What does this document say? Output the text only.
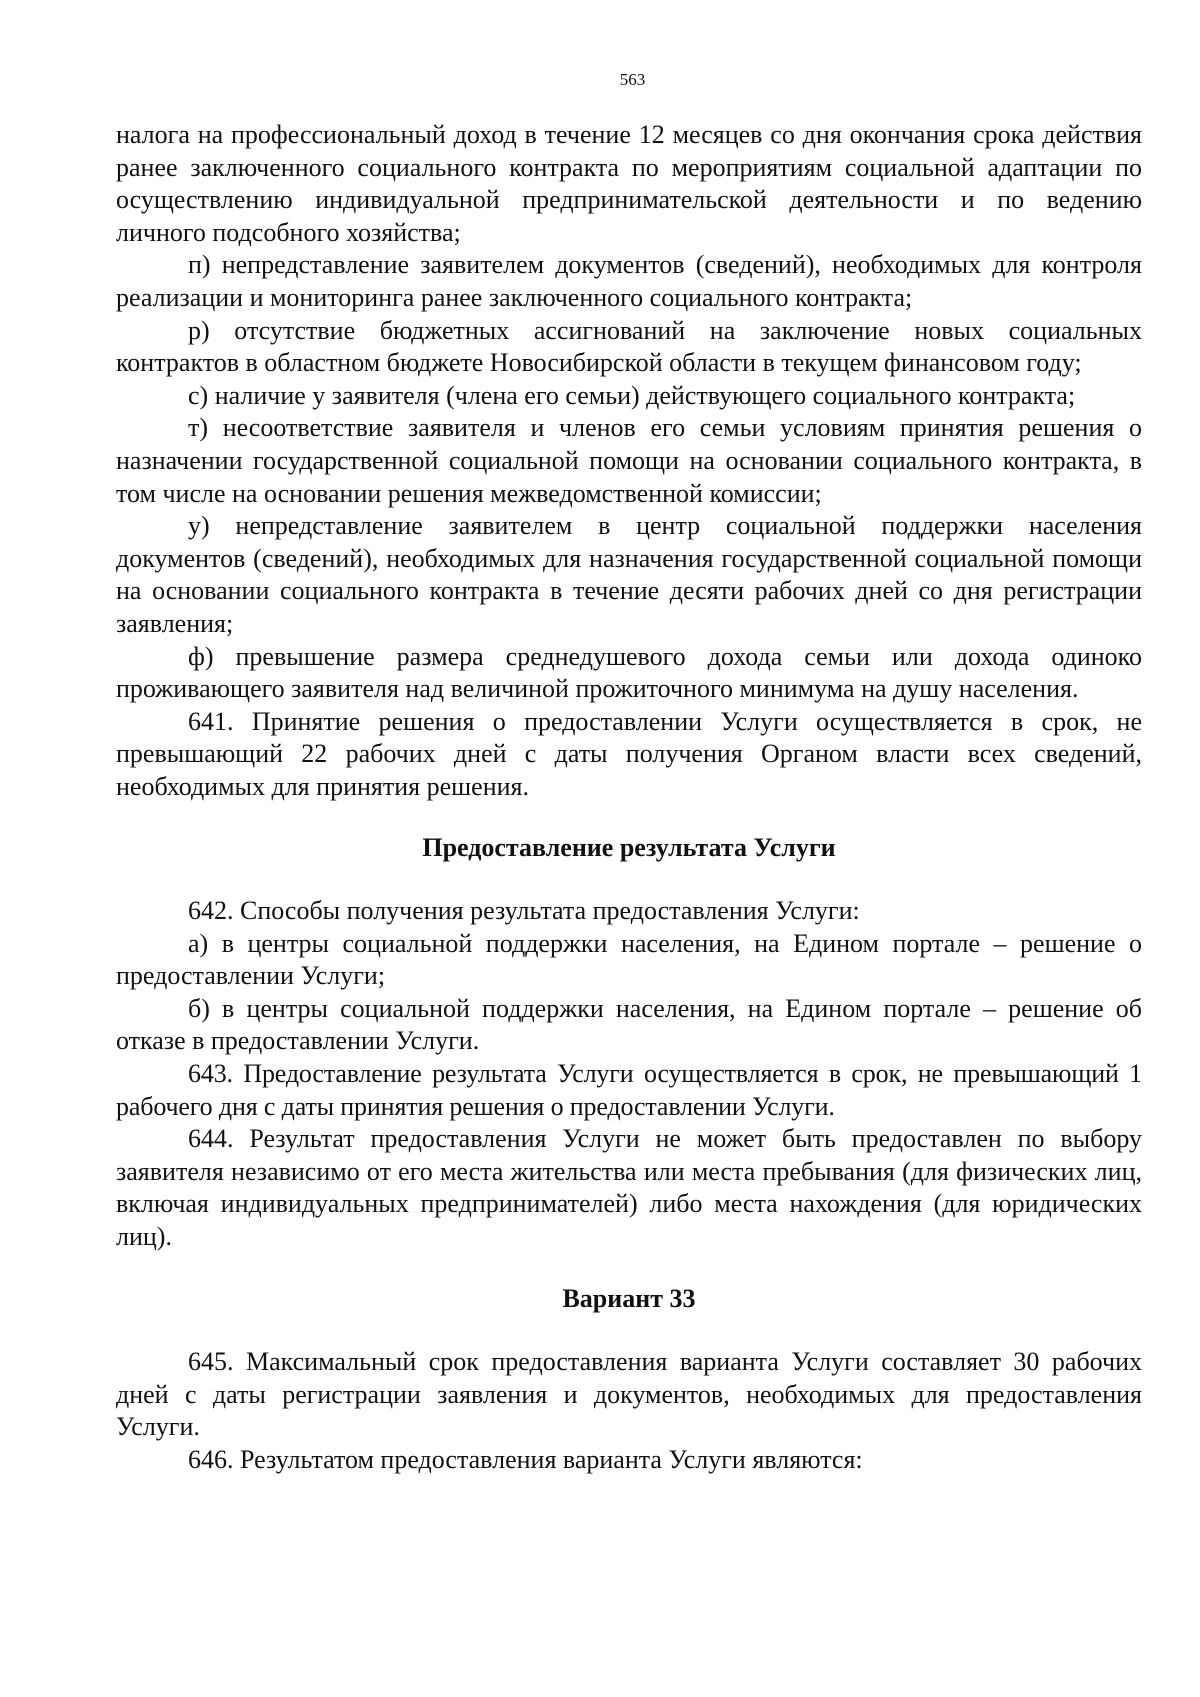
563

налога на профессиональный доход в течение 12 месяцев со дня окончания срока действия ранее заключенного социального контракта по мероприятиям социальной адаптации по осуществлению индивидуальной предпринимательской деятельности и по ведению личного подсобного хозяйства;

п) непредставление заявителем документов (сведений), необходимых для контроля реализации и мониторинга ранее заключенного социального контракта;

р) отсутствие бюджетных ассигнований на заключение новых социальных контрактов в областном бюджете Новосибирской области в текущем финансовом году;

с) наличие у заявителя (члена его семьи) действующего социального контракта;

т) несоответствие заявителя и членов его семьи условиям принятия решения о назначении государственной социальной помощи на основании социального контракта, в том числе на основании решения межведомственной комиссии;

у) непредставление заявителем в центр социальной поддержки населения документов (сведений), необходимых для назначения государственной социальной помощи на основании социального контракта в течение десяти рабочих дней со дня регистрации заявления;

ф) превышение размера среднедушевого дохода семьи или дохода одиноко проживающего заявителя над величиной прожиточного минимума на душу населения.

641. Принятие решения о предоставлении Услуги осуществляется в срок, не превышающий 22 рабочих дней с даты получения Органом власти всех сведений, необходимых для принятия решения.

Предоставление результата Услуги

642. Способы получения результата предоставления Услуги:

а) в центры социальной поддержки населения, на Едином портале – решение о предоставлении Услуги;

б) в центры социальной поддержки населения, на Едином портале – решение об отказе в предоставлении Услуги.

643. Предоставление результата Услуги осуществляется в срок, не превышающий 1 рабочего дня с даты принятия решения о предоставлении Услуги.

644. Результат предоставления Услуги не может быть предоставлен по выбору заявителя независимо от его места жительства или места пребывания (для физических лиц, включая индивидуальных предпринимателей) либо места нахождения (для юридических лиц).

Вариант 33

645. Максимальный срок предоставления варианта Услуги составляет 30 рабочих дней с даты регистрации заявления и документов, необходимых для предоставления Услуги.

646. Результатом предоставления варианта Услуги являются:
